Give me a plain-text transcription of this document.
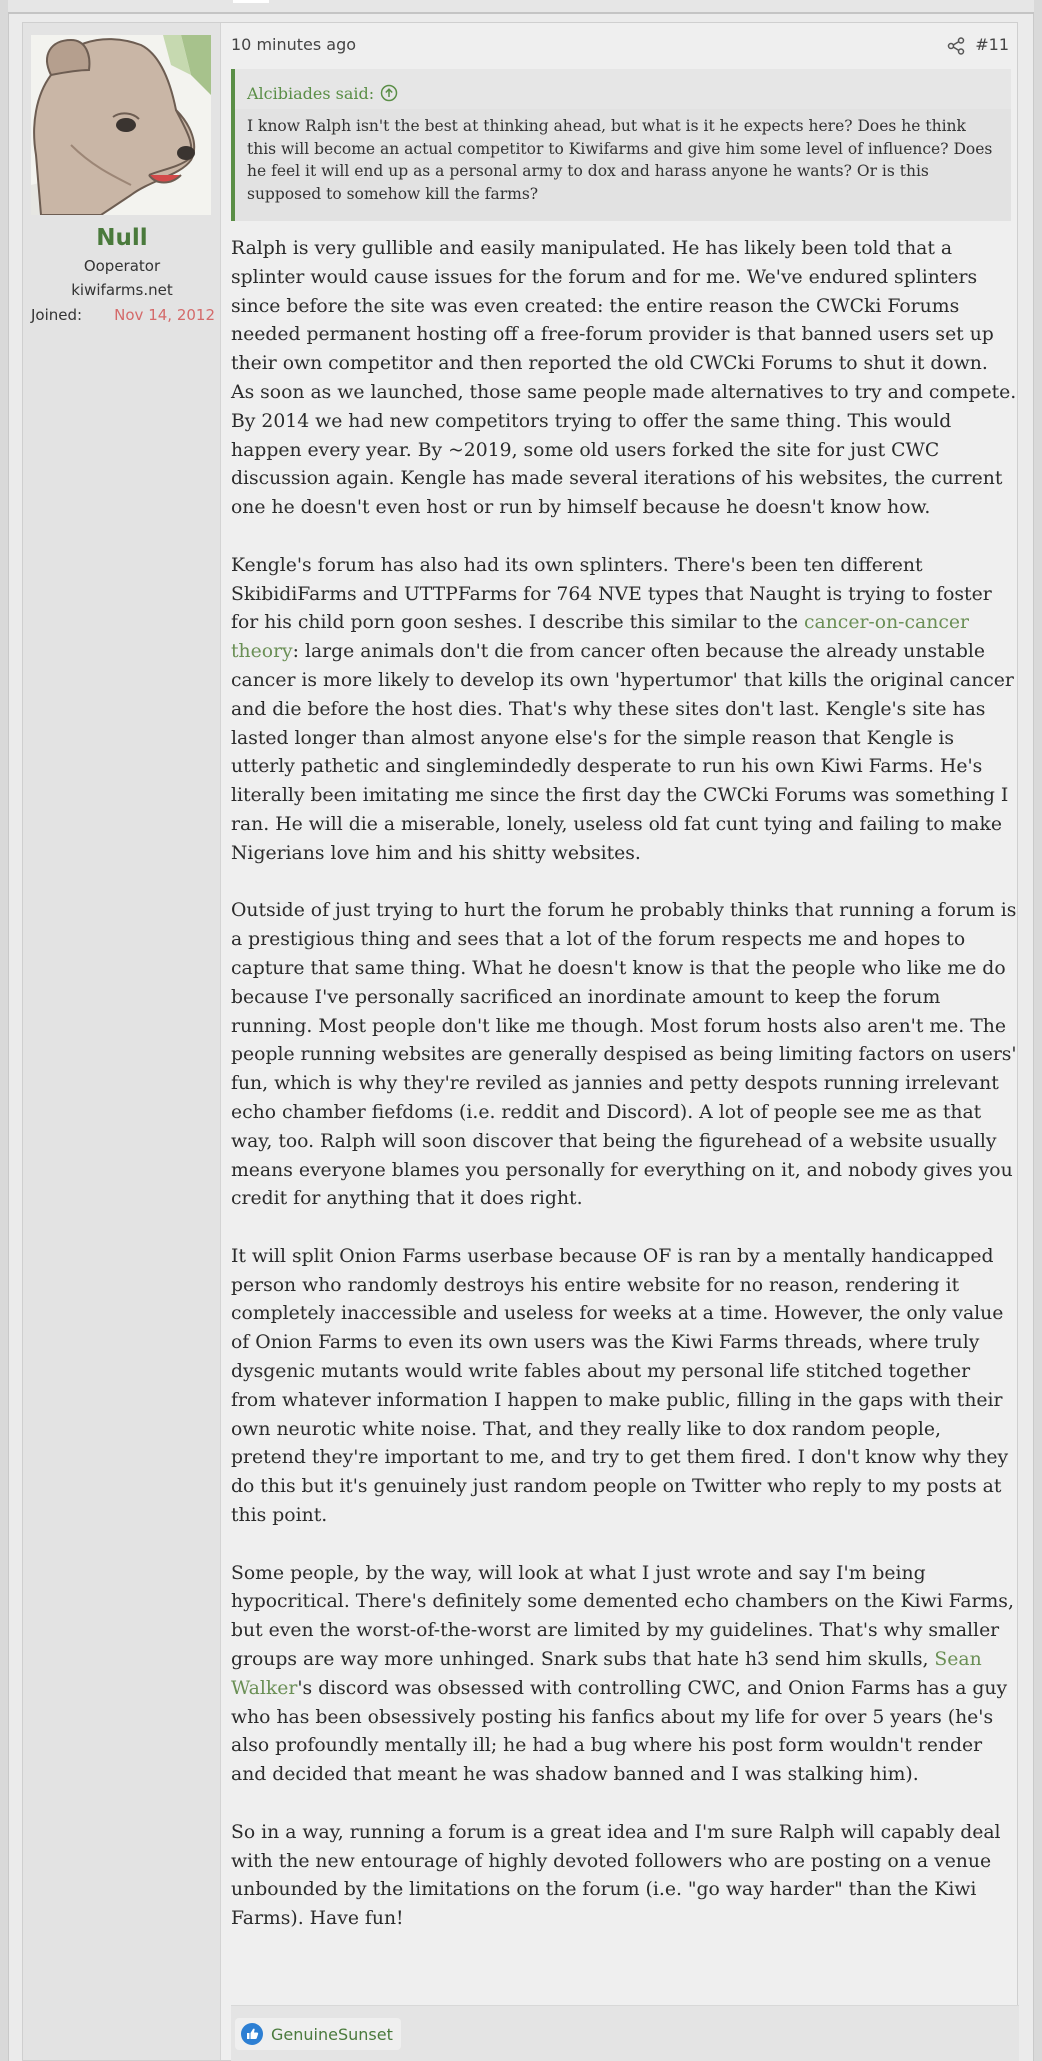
Null
Ooperator
kiwifarms.net
Joined: Nov 14, 2012
10 minutes ago	#11
Alcibiades said:
I know Ralph isn't the best at thinking ahead, but what is it he expects here? Does he think this will become an actual competitor to Kiwifarms and give him some level of influence? Does he feel it will end up as a personal army to dox and harass anyone he wants? Or is this supposed to somehow kill the farms?

Ralph is very gullible and easily manipulated. He has likely been told that a splinter would cause issues for the forum and for me. We've endured splinters since before the site was even created: the entire reason the CWCki Forums needed permanent hosting off a free-forum provider is that banned users set up their own competitor and then reported the old CWCki Forums to shut it down. As soon as we launched, those same people made alternatives to try and compete. By 2014 we had new competitors trying to offer the same thing. This would happen every year. By ~2019, some old users forked the site for just CWC discussion again. Kengle has made several iterations of his websites, the current one he doesn't even host or run by himself because he doesn't know how.

Kengle's forum has also had its own splinters. There's been ten different SkibidiFarms and UTTPFarms for 764 NVE types that Naught is trying to foster for his child porn goon seshes. I describe this similar to the cancer-on-cancer theory: large animals don't die from cancer often because the already unstable cancer is more likely to develop its own 'hypertumor' that kills the original cancer and die before the host dies. That's why these sites don't last. Kengle's site has lasted longer than almost anyone else's for the simple reason that Kengle is utterly pathetic and singlemindedly desperate to run his own Kiwi Farms. He's literally been imitating me since the first day the CWCki Forums was something I ran. He will die a miserable, lonely, useless old fat cunt tying and failing to make Nigerians love him and his shitty websites.

Outside of just trying to hurt the forum he probably thinks that running a forum is a prestigious thing and sees that a lot of the forum respects me and hopes to capture that same thing. What he doesn't know is that the people who like me do because I've personally sacrificed an inordinate amount to keep the forum running. Most people don't like me though. Most forum hosts also aren't me. The people running websites are generally despised as being limiting factors on users' fun, which is why they're reviled as jannies and petty despots running irrelevant echo chamber fiefdoms (i.e. reddit and Discord). A lot of people see me as that way, too. Ralph will soon discover that being the figurehead of a website usually means everyone blames you personally for everything on it, and nobody gives you credit for anything that it does right.

It will split Onion Farms userbase because OF is ran by a mentally handicapped person who randomly destroys his entire website for no reason, rendering it completely inaccessible and useless for weeks at a time. However, the only value of Onion Farms to even its own users was the Kiwi Farms threads, where truly dysgenic mutants would write fables about my personal life stitched together from whatever information I happen to make public, filling in the gaps with their own neurotic white noise. That, and they really like to dox random people, pretend they're important to me, and try to get them fired. I don't know why they do this but it's genuinely just random people on Twitter who reply to my posts at this point.

Some people, by the way, will look at what I just wrote and say I'm being hypocritical. There's definitely some demented echo chambers on the Kiwi Farms, but even the worst-of-the-worst are limited by my guidelines. That's why smaller groups are way more unhinged. Snark subs that hate h3 send him skulls, Sean Walker's discord was obsessed with controlling CWC, and Onion Farms has a guy who has been obsessively posting his fanfics about my life for over 5 years (he's also profoundly mentally ill; he had a bug where his post form wouldn't render and decided that meant he was shadow banned and I was stalking him).

So in a way, running a forum is a great idea and I'm sure Ralph will capably deal with the new entourage of highly devoted followers who are posting on a venue unbounded by the limitations on the forum (i.e. "go way harder" than the Kiwi Farms). Have fun!

GenuineSunset
